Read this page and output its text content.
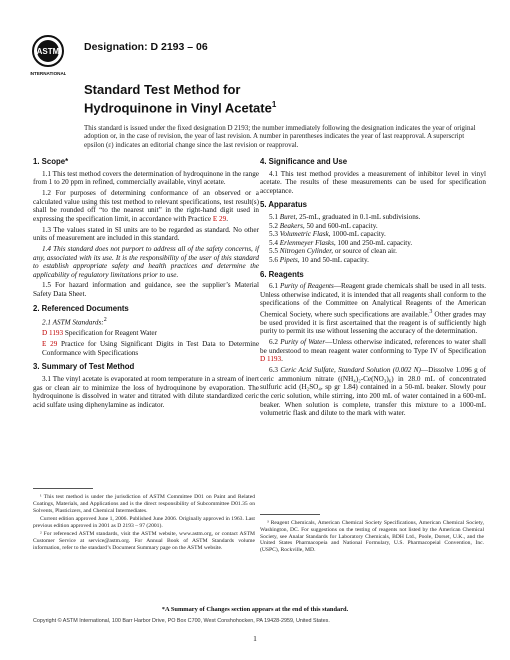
ASTM
INTERNATIONAL
Designation: D 2193 – 06
Standard Test Method for
Hydroquinone in Vinyl Acetate$^1$
This standard is issued under the fixed designation D 2193; the number immediately following the designation indicates the year of original adoption or, in the case of revision, the year of last revision. A number in parentheses indicates the year of last reapproval. A superscript epsilon (ε) indicates an editorial change since the last revision or reapproval.
1. Scope*

1.1 This test method covers the determination of hydroquinone in the range from 1 to 20 ppm in refined, commercially available, vinyl acetate.

1.2 For purposes of determining conformance of an observed or a calculated value using this test method to relevant specifications, test result(s) shall be rounded off “to the nearest unit” in the right-hand digit used in expressing the specification limit, in accordance with Practice E 29.

1.3 The values stated in SI units are to be regarded as standard. No other units of measurement are included in this standard.

1.4 This standard does not purport to address all of the safety concerns, if any, associated with its use. It is the responsibility of the user of this standard to establish appropriate safety and health practices and determine the applicability of regulatory limitations prior to use.

1.5 For hazard information and guidance, see the supplier’s Material Safety Data Sheet.

2. Referenced Documents

2.1 ASTM Standards:$^2$

D 1193 Specification for Reagent Water

E 29 Practice for Using Significant Digits in Test Data to Determine Conformance with Specifications

3. Summary of Test Method

3.1 The vinyl acetate is evaporated at room temperature in a stream of inert gas or clean air to minimize the loss of hydroquinone by evaporation. The hydroquinone is dissolved in water and titrated with dilute standardized ceric acid sulfate using diphenylamine as indicator.

4. Significance and Use

4.1 This test method provides a measurement of inhibitor level in vinyl acetate. The results of these measurements can be used for specification acceptance.

5. Apparatus
5.1 Buret, 25-mL, graduated in 0.1-mL subdivisions.
5.2 Beakers, 50 and 600-mL capacity.
5.3 Volumetric Flask, 1000-mL capacity.
5.4 Erlenmeyer Flasks, 100 and 250-mL capacity.
5.5 Nitrogen Cylinder, or source of clean air.
5.6 Pipets, 10 and 50-mL capacity.
6. Reagents

6.1 Purity of Reagents—Reagent grade chemicals shall be used in all tests. Unless otherwise indicated, it is intended that all reagents shall conform to the specifications of the Committee on Analytical Reagents of the American Chemical Society, where such specifications are available.$^3$ Other grades may be used provided it is first ascertained that the reagent is of sufficiently high purity to permit its use without lessening the accuracy of the determination.

6.2 Purity of Water—Unless otherwise indicated, references to water shall be understood to mean reagent water conforming to Type IV of Specification D 1193.

6.3 Ceric Acid Sulfate, Standard Solution (0.002 N)—Dissolve 1.096 g of ceric ammonium nitrate ((NH₄)₂-Ce(NO₃)₆) in 28.0 mL of concentrated sulfuric acid (H₂SO₄, sp gr 1.84) contained in a 50-mL beaker. Slowly pour the ceric solution, while stirring, into 200 mL of water contained in a 600-mL beaker. When solution is complete, transfer this mixture to a 1000-mL volumetric flask and dilute to the mark with water.

¹ This test method is under the jurisdiction of ASTM Committee D01 on Paint and Related Coatings, Materials, and Applications and is the direct responsibility of Subcommittee D01.35 on Solvents, Plasticizers, and Chemical Intermediates.

Current edition approved June 1, 2006. Published June 2006. Originally approved in 1963. Last previous edition approved in 2001 as D 2193 – 97 (2001).

² For referenced ASTM standards, visit the ASTM website, www.astm.org, or contact ASTM Customer Service at service@astm.org. For Annual Book of ASTM Standards volume information, refer to the standard’s Document Summary page on the ASTM website.

³ Reagent Chemicals, American Chemical Society Specifications, American Chemical Society, Washington, DC. For suggestions on the testing of reagents not listed by the American Chemical Society, see Analar Standards for Laboratory Chemicals, BDH Ltd., Poole, Dorset, U.K., and the United States Pharmacopeia and National Formulary, U.S. Pharmacopeial Convention, Inc. (USPC), Rockville, MD.

*A Summary of Changes section appears at the end of this standard.
Copyright © ASTM International, 100 Barr Harbor Drive, PO Box C700, West Conshohocken, PA 19428-2959, United States.
1
